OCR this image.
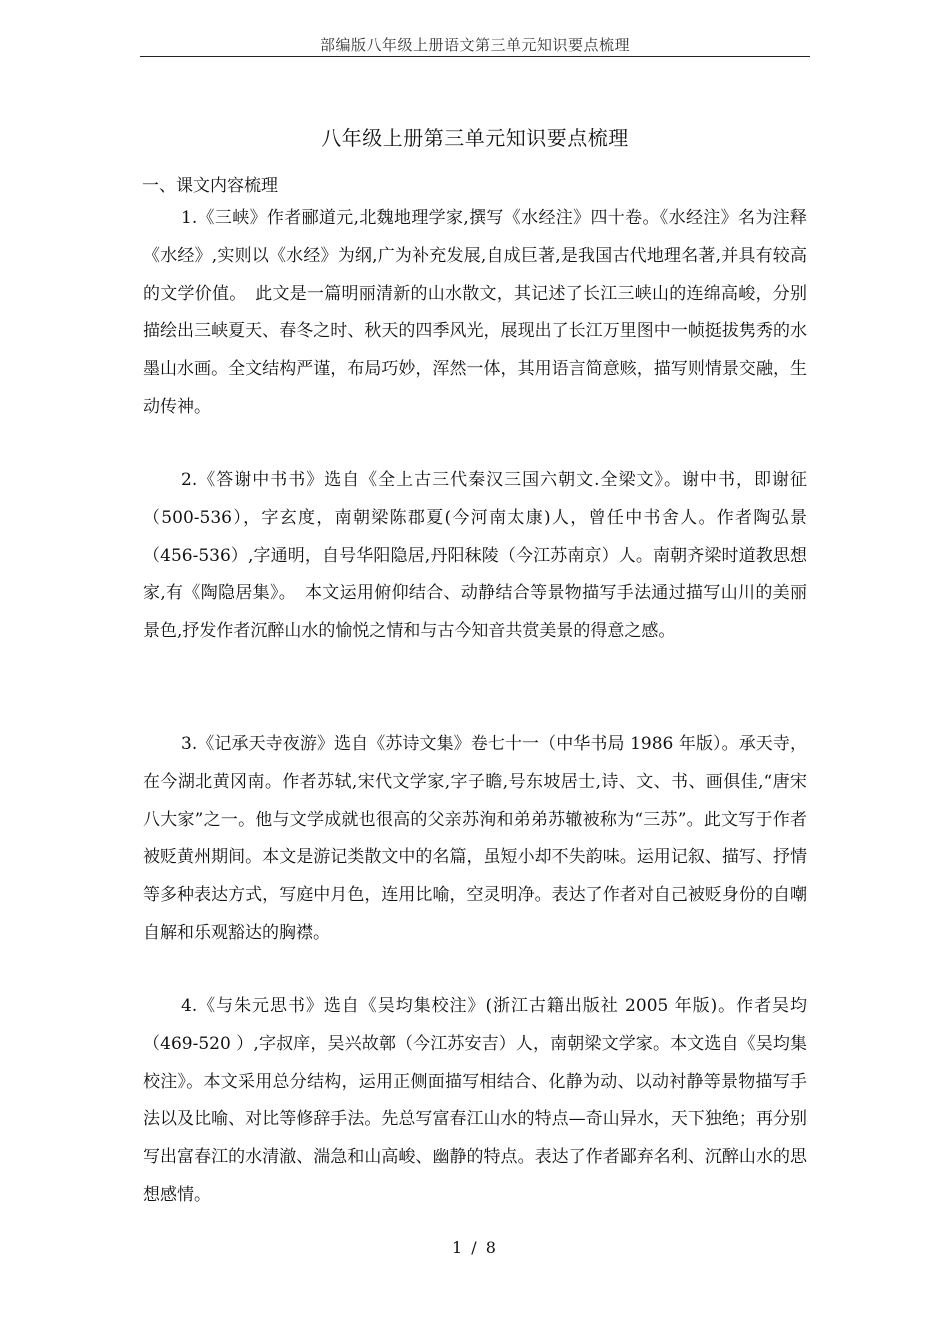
部编版八年级上册语文第三单元知识要点梳理
八年级上册第三单元知识要点梳理
一、课文内容梳理

1.《三峡》作者郦道元,北魏地理学家,撰写《水经注》四十卷。《水经注》名为注释《水经》,实则以《水经》为纲,广为补充发展,自成巨著,是我国古代地理名著,并具有较高的文学价值。　此文是一篇明丽清新的山水散文，其记述了长江三峡山的连绵高峻，分别描绘出三峡夏天、春冬之时、秋天的四季风光，展现出了长江万里图中一帧挺拔隽秀的水墨山水画。全文结构严谨，布局巧妙，浑然一体，其用语言简意赅，描写则情景交融，生动传神。

2.《答谢中书书》选自《全上古三代秦汉三国六朝文.全梁文》。谢中书，即谢征（500-536），字玄度，南朝梁陈郡夏(今河南太康)人，曾任中书舍人。作者陶弘景（456-536）,字通明，自号华阳隐居,丹阳秣陵（今江苏南京）人。南朝齐梁时道教思想家,有《陶隐居集》。　本文运用俯仰结合、动静结合等景物描写手法通过描写山川的美丽景色,抒发作者沉醉山水的愉悦之情和与古今知音共赏美景的得意之感。

3.《记承天寺夜游》选自《苏诗文集》卷七十一（中华书局 1986 年版）。承天寺，在今湖北黄冈南。作者苏轼,宋代文学家,字子瞻,号东坡居士,诗、文、书、画俱佳,“唐宋八大家”之一。他与文学成就也很高的父亲苏洵和弟弟苏辙被称为“三苏”。此文写于作者被贬黄州期间。本文是游记类散文中的名篇，虽短小却不失韵味。运用记叙、描写、抒情等多种表达方式，写庭中月色，连用比喻，空灵明净。表达了作者对自己被贬身份的自嘲自解和乐观豁达的胸襟。

4.《与朱元思书》选自《吴均集校注》(浙江古籍出版社 2005 年版)。作者吴均（469-520 ）,字叔庠，吴兴故鄣（今江苏安吉）人，南朝梁文学家。本文选自《吴均集校注》。本文采用总分结构，运用正侧面描写相结合、化静为动、以动衬静等景物描写手法以及比喻、对比等修辞手法。先总写富春江山水的特点—奇山异水，天下独绝；再分别写出富春江的水清澈、湍急和山高峻、幽静的特点。表达了作者鄙弃名利、沉醉山水的思想感情。

1 / 8
